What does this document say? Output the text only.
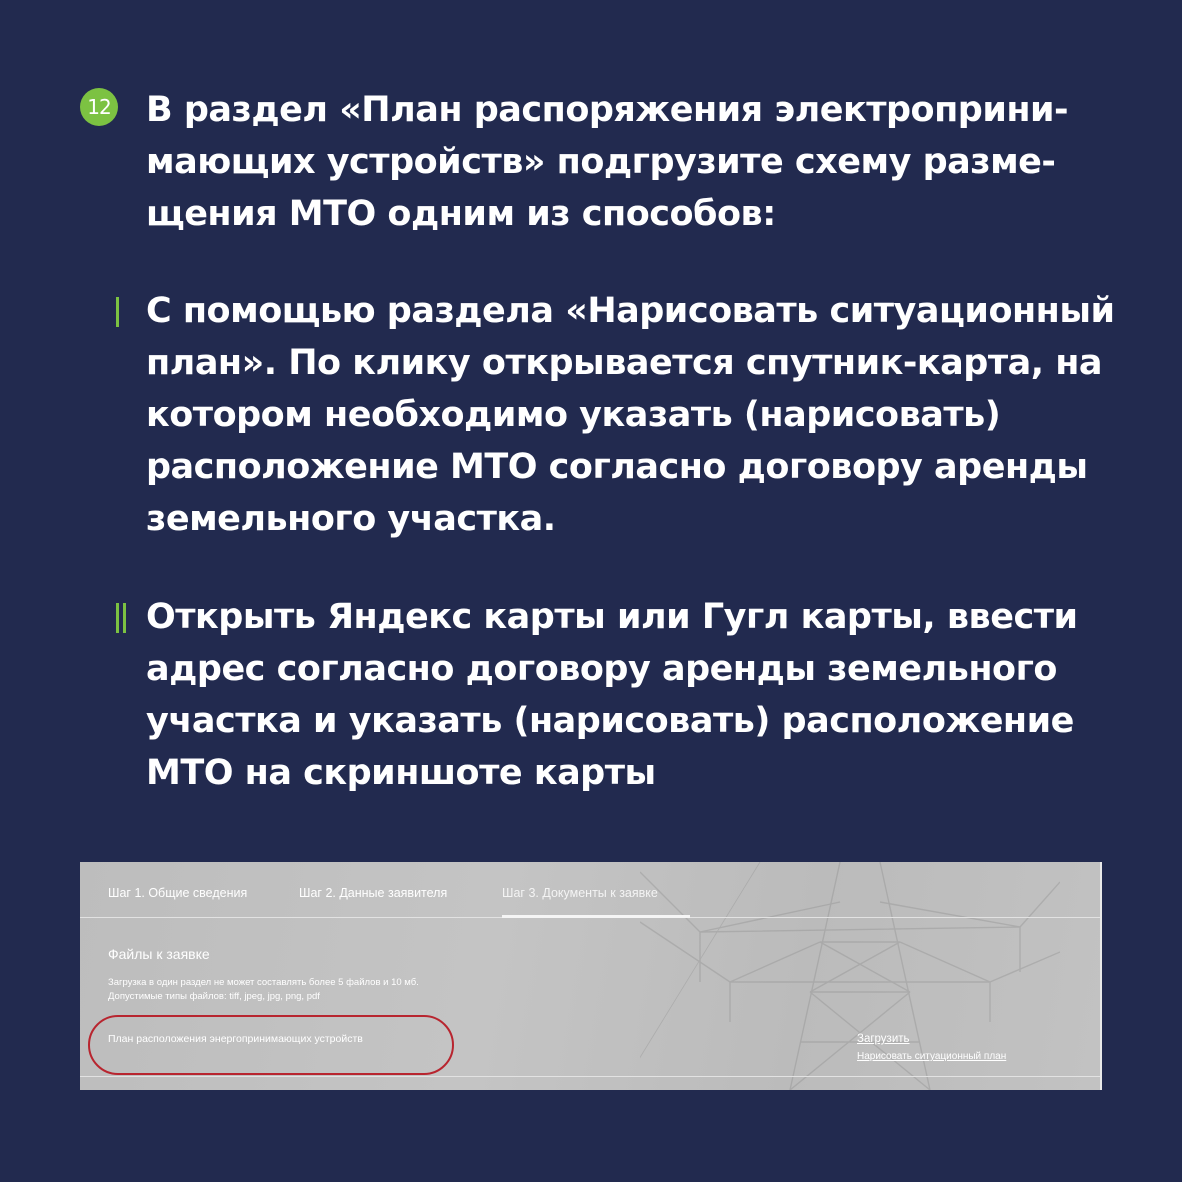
12 В раздел «План распоряжения электроприни-мающих устройств» подгрузите схему разме-щения МТО одним из способов:
С помощью раздела «Нарисовать ситуационный план». По клику открывается спутник-карта, на котором необходимо указать (нарисовать) расположение МТО согласно договору аренды земельного участка.
Открыть Яндекс карты или Гугл карты, ввести адрес согласно договору аренды земельного участка и указать (нарисовать) расположение МТО на скриншоте карты
Шаг 1. Общие сведения	Шаг 2. Данные заявителя	Шаг 3. Документы к заявке
Файлы к заявке
Загрузка в один раздел не может составлять более 5 файлов и 10 мб.
Допустимые типы файлов: tiff, jpeg, jpg, png, pdf
План расположения энергопринимающих устройств	Загрузить
Нарисовать ситуационный план
